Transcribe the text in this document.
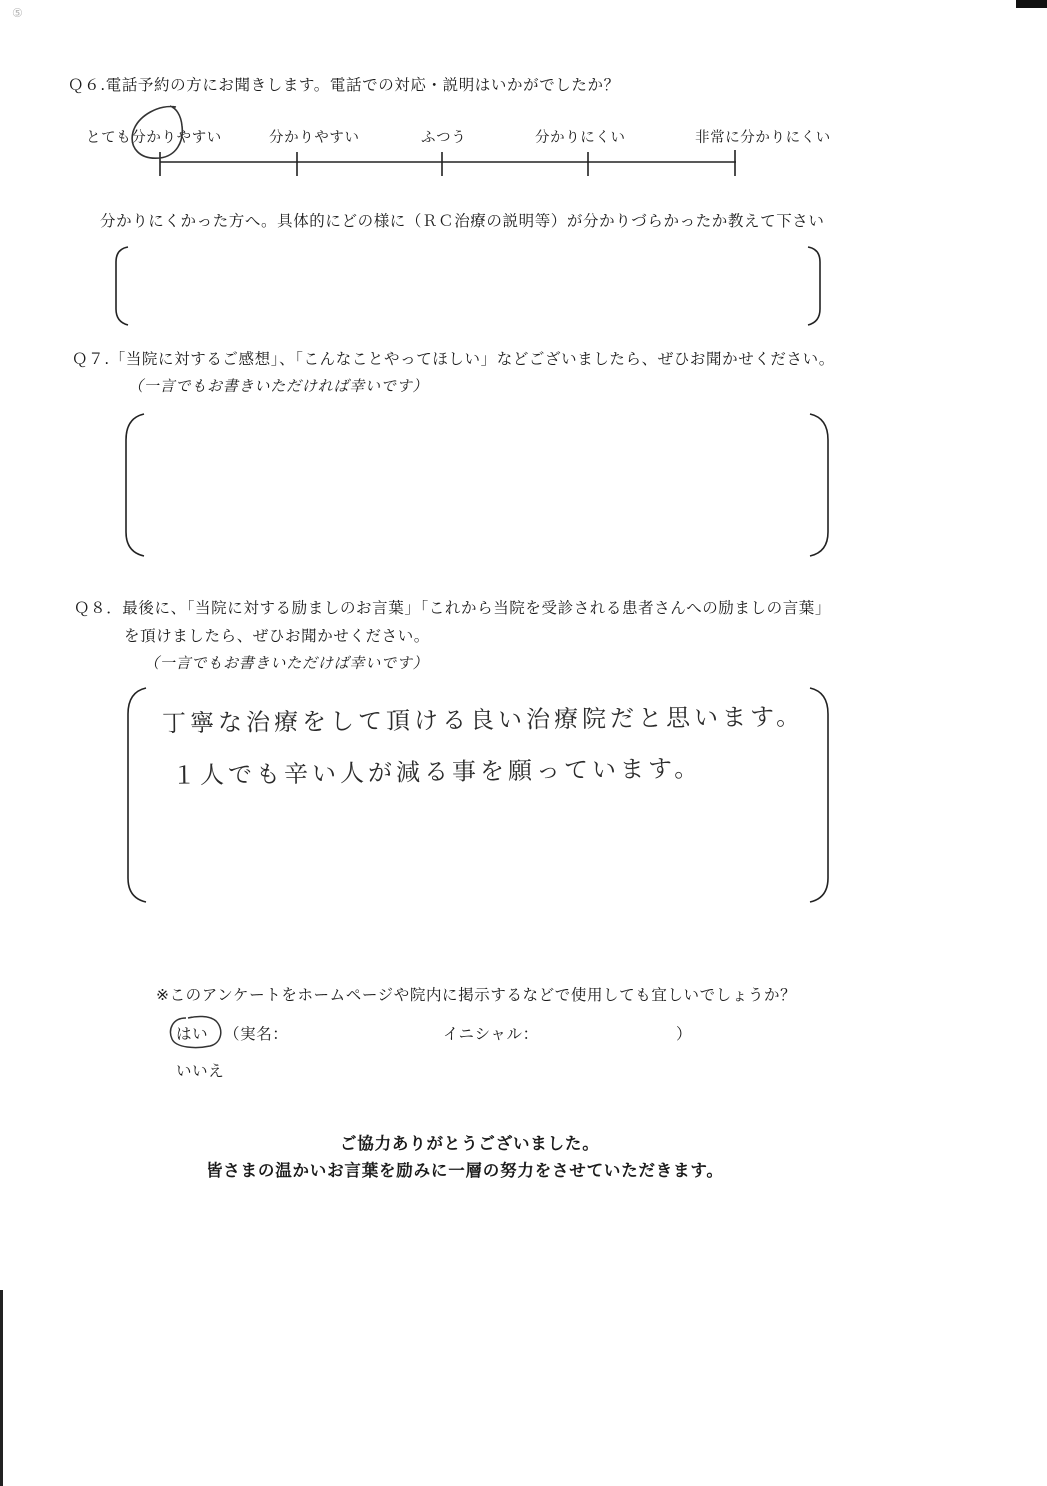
⑤
Ｑ６.電話予約の方にお聞きします。電話での対応・説明はいかがでしたか？
とても分かりやすい	分かりやすい	ふつう	分かりにくい	非常に分かりにくい
分かりにくかった方へ。具体的にどの様に（ＲＣ治療の説明等）が分かりづらかったか教えて下さい
Ｑ７.「当院に対するご感想」、「こんなことやってほしい」などございましたら、ぜひお聞かせください。
（一言でもお書きいただければ幸いです）
Ｑ８．最後に、「当院に対する励ましのお言葉」「これから当院を受診される患者さんへの励ましの言葉」
を頂けましたら、ぜひお聞かせください。
（一言でもお書きいただけば幸いです）
丁寧な治療をして頂ける良い治療院だと思います。
１人でも辛い人が減る事を願っています。
※このアンケートをホームページや院内に掲示するなどで使用しても宜しいでしょうか？
はい （実名：	イニシャル：	）
いいえ
ご協力ありがとうございました。
皆さまの温かいお言葉を励みに一層の努力をさせていただきます。
